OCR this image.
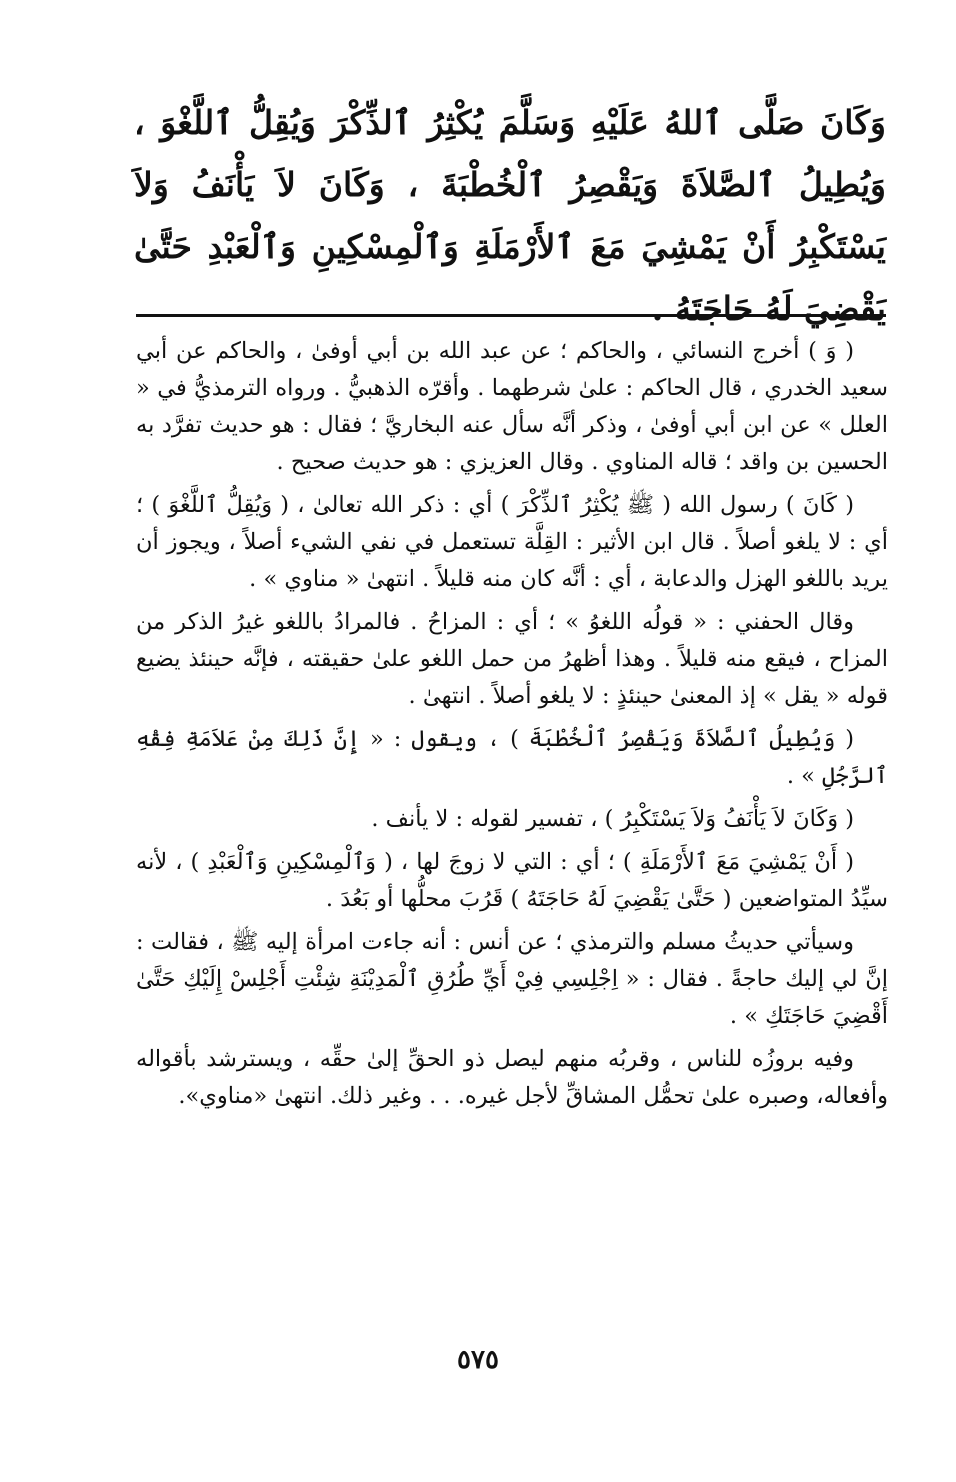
وَكَانَ صَلَّى ٱللهُ عَلَيْهِ وَسَلَّمَ يُكْثِرُ ٱلذِّكْرَ وَيُقِلُّ ٱللَّغْوَ ، وَيُطِيلُ ٱلصَّلاَةَ وَيَقْصِرُ ٱلْخُطْبَةَ ، وَكَانَ لاَ يَأْنَفُ وَلاَ يَسْتَكْبِرُ أَنْ يَمْشِيَ مَعَ ٱلأَرْمَلَةِ وَٱلْمِسْكِينِ وَٱلْعَبْدِ حَتَّىٰ يَقْضِيَ لَهُ حَاجَتَهُ .

( وَ ) أخرج النسائي ، والحاكم ؛ عن عبد الله بن أبي أوفىٰ ، والحاكم عن أبي سعيد الخدري ، قال الحاكم : علىٰ شرطهما . وأقرّه الذهبيُّ . ورواه الترمذيُّ في « العلل » عن ابن أبي أوفىٰ ، وذكر أنَّه سأل عنه البخاريَّ ؛ فقال : هو حديث تفرَّد به الحسين بن واقد ؛ قاله المناوي . وقال العزيزي : هو حديث صحيح .

( كَانَ ) رسول الله ( ﷺ يُكْثِرُ ٱلذِّكْرَ ) أي : ذكر الله تعالىٰ ، ( وَيُقِلُّ ٱللَّغْوَ ) ؛ أي : لا يلغو أصلاً . قال ابن الأثير : القِلَّة تستعمل في نفي الشيء أصلاً ، ويجوز أن يريد باللغو الهزل والدعابة ، أي : أنَّه كان منه قليلاً . انتهىٰ « مناوي » .

وقال الحفني : « قولُه اللغوُ » ؛ أي : المزاحُ . فالمرادُ باللغو غيرُ الذكر من المزاح ، فيقع منه قليلاً . وهذا أظهرُ من حمل اللغو علىٰ حقيقته ، فإنَّه حينئذ يضيع قوله « يقل » إذ المعنىٰ حينئذٍ : لا يلغو أصلاً . انتهىٰ .

( وَيُطِيلُ ٱلصَّلاَةَ وَيَقْصِرُ ٱلْخُطْبَةَ ) ، ويقول : « إِنَّ ذَلِكَ مِنْ عَلاَمَةِ فِقْهِ ٱلرَّجُلِ » .

( وَكَانَ لاَ يَأْنَفُ وَلاَ يَسْتَكْبِرُ ) ، تفسير لقوله : لا يأنف .

( أَنْ يَمْشِيَ مَعَ ٱلأَرْمَلَةِ ) ؛ أي : التي لا زوجَ لها ، ( وَٱلْمِسْكِينِ وَٱلْعَبْدِ ) ، لأنه سيِّدُ المتواضعين ( حَتَّىٰ يَقْضِيَ لَهُ حَاجَتَهُ ) قَرُبَ محلُّها أو بَعُدَ .

وسيأتي حديثُ مسلم والترمذي ؛ عن أنس : أنه جاءت امرأة إليه ﷺ ، فقالت : إنَّ لي إليك حاجةً . فقال : « اِجْلِسِي فِيْ أَيِّ طُرُقِ ٱلْمَدِيْنَةِ شِئْتِ أَجْلِسْ إِلَيْكِ حَتَّىٰ أَقْضِيَ حَاجَتَكِ » .

وفيه بروزُه للناس ، وقربُه منهم ليصل ذو الحقِّ إلىٰ حقِّه ، ويسترشد بأقواله وأفعاله، وصبره علىٰ تحمُّل المشاقِّ لأجل غيره. . . وغير ذلك. انتهىٰ «مناوي».

٥٧٥
